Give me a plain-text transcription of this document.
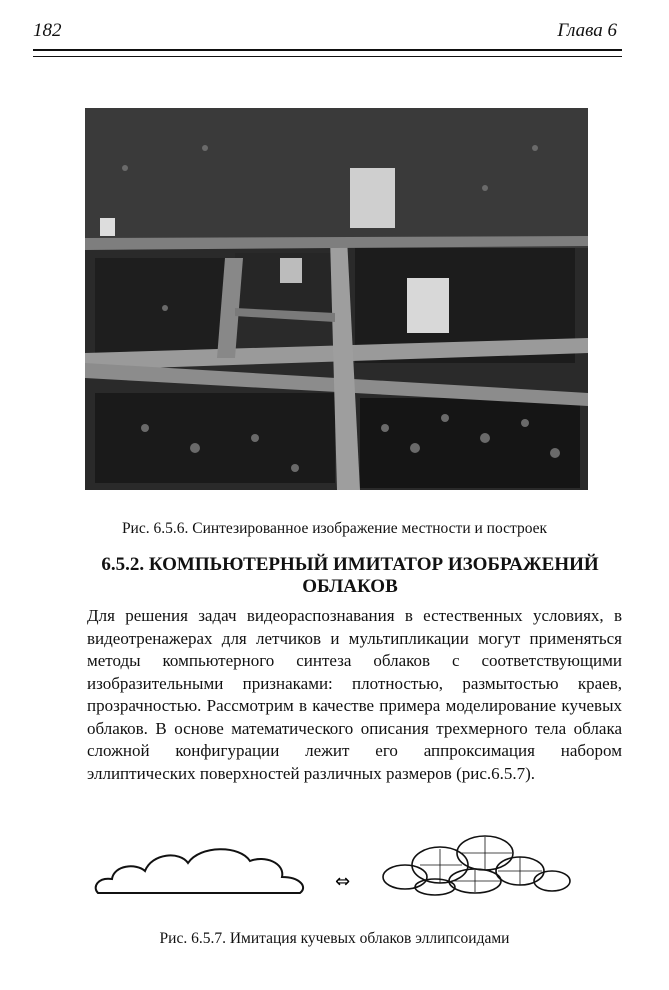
182	Глава 6
Рис. 6.5.6. Синтезированное изображение местности и построек
6.5.2. КОМПЬЮТЕРНЫЙ ИМИТАТОР ИЗОБРАЖЕНИЙ ОБЛАКОВ

Для решения задач видеораспознавания в естественных условиях, в видеотренажерах для летчиков и мультипликации могут применяться методы компьютерного синтеза облаков с соответствующими изобразительными признаками: плотностью, размытостью краев, прозрачностью. Рассмотрим в качестве примера моделирование кучевых облаков. В основе математического описания трехмерного тела облака сложной конфигурации лежит его аппроксимация набором эллиптических поверхностей различных размеров (рис.6.5.7).

⇔
Рис. 6.5.7. Имитация кучевых облаков эллипсоидами
